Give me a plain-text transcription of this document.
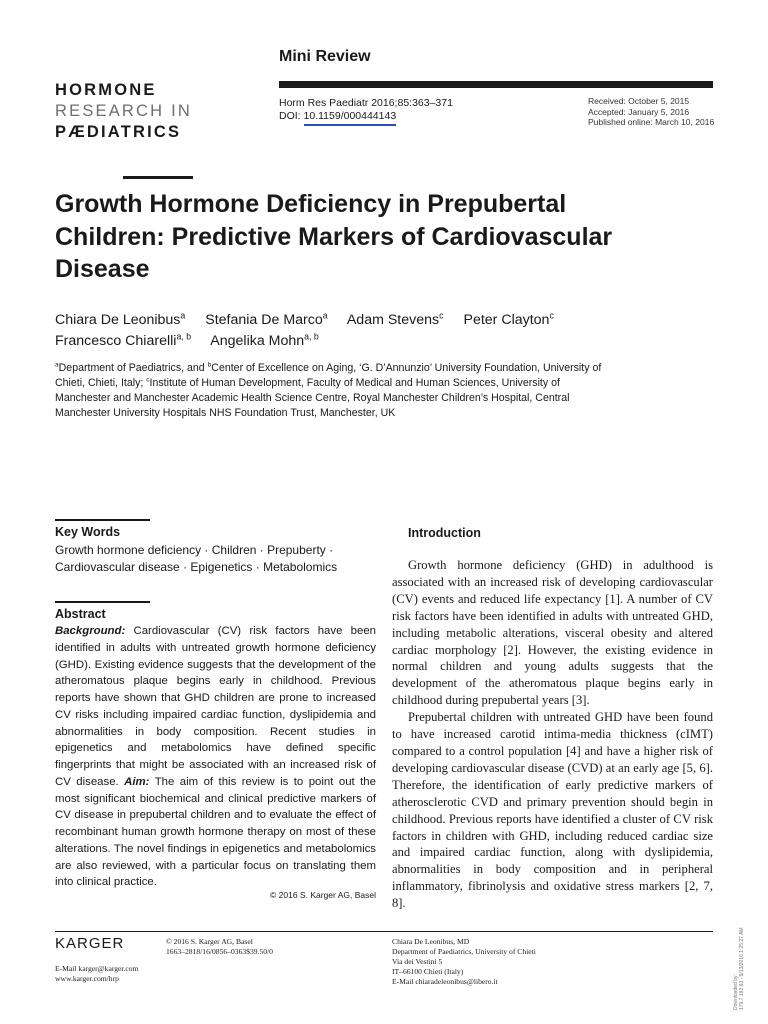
Mini Review
HORMONE
RESEARCH IN
PÆDIATRICS
Horm Res Paediatr 2016;85:363–371
DOI: 10.1159/000444143
Received: October 5, 2015
Accepted: January 5, 2016
Published online: March 10, 2016
Growth Hormone Deficiency in Prepubertal Children: Predictive Markers of Cardiovascular Disease
Chiara De Leonibus$^a$ Stefania De Marco$^a$ Adam Stevens$^c$ Peter Clayton$^c$
Francesco Chiarelli$^{a, b}$ Angelika Mohn$^{a, b}$
$^a$Department of Paediatrics, and $^b$Center of Excellence on Aging, ‘G. D’Annunzio’ University Foundation, University of Chieti, Chieti, Italy; $^c$Institute of Human Development, Faculty of Medical and Human Sciences, University of Manchester and Manchester Academic Health Science Centre, Royal Manchester Children’s Hospital, Central Manchester University Hospitals NHS Foundation Trust, Manchester, UK
Key Words
Growth hormone deficiency · Children · Prepuberty · Cardiovascular disease · Epigenetics · Metabolomics
Abstract
Background: Cardiovascular (CV) risk factors have been identified in adults with untreated growth hormone deficiency (GHD). Existing evidence suggests that the development of the atheromatous plaque begins early in childhood. Previous reports have shown that GHD children are prone to increased CV risks including impaired cardiac function, dyslipidemia and abnormalities in body composition. Recent studies in epigenetics and metabolomics have defined specific fingerprints that might be associated with an increased risk of CV disease. Aim: The aim of this review is to point out the most significant biochemical and clinical predictive markers of CV disease in prepubertal children and to evaluate the effect of recombinant human growth hormone therapy on most of these alterations. The novel findings in epigenetics and metabolomics are also reviewed, with a particular focus on translating them into clinical practice.
© 2016 S. Karger AG, Basel
Introduction

Growth hormone deficiency (GHD) in adulthood is associated with an increased risk of developing cardiovascular (CV) events and reduced life expectancy [1]. A number of CV risk factors have been identified in adults with untreated GHD, including metabolic alterations, visceral obesity and altered cardiac morphology [2]. However, the existing evidence in normal children and young adults suggests that the development of the atheromatous plaque begins early in childhood during prepubertal years [3].

Prepubertal children with untreated GHD have been found to have increased carotid intima-media thickness (cIMT) compared to a control population [4] and have a higher risk of developing cardiovascular disease (CVD) at an early age [5, 6]. Therefore, the identification of early predictive markers of atherosclerotic CVD and primary prevention should begin in childhood. Previous reports have identified a cluster of CV risk factors in children with GHD, including reduced cardiac size and impaired cardiac function, along with dyslipidemia, abnormalities in body composition and in peripheral inflammatory, fibrinolysis and oxidative stress markers [2, 7, 8].

KARGER	© 2016 S. Karger AG, Basel
1663–2818/16/0856–0363$39.50/0
E-Mail karger@karger.com
www.karger.com/hrp
Chiara De Leonibus, MD
Department of Paediatrics, University of Chieti
Via dei Vestini 5
IT–66100 Chieti (Italy)
E-Mail chiaradeleonibus@libero.it	Downloaded by: 179.7.192.63 - 9/13/2016 1:25:27 AM
